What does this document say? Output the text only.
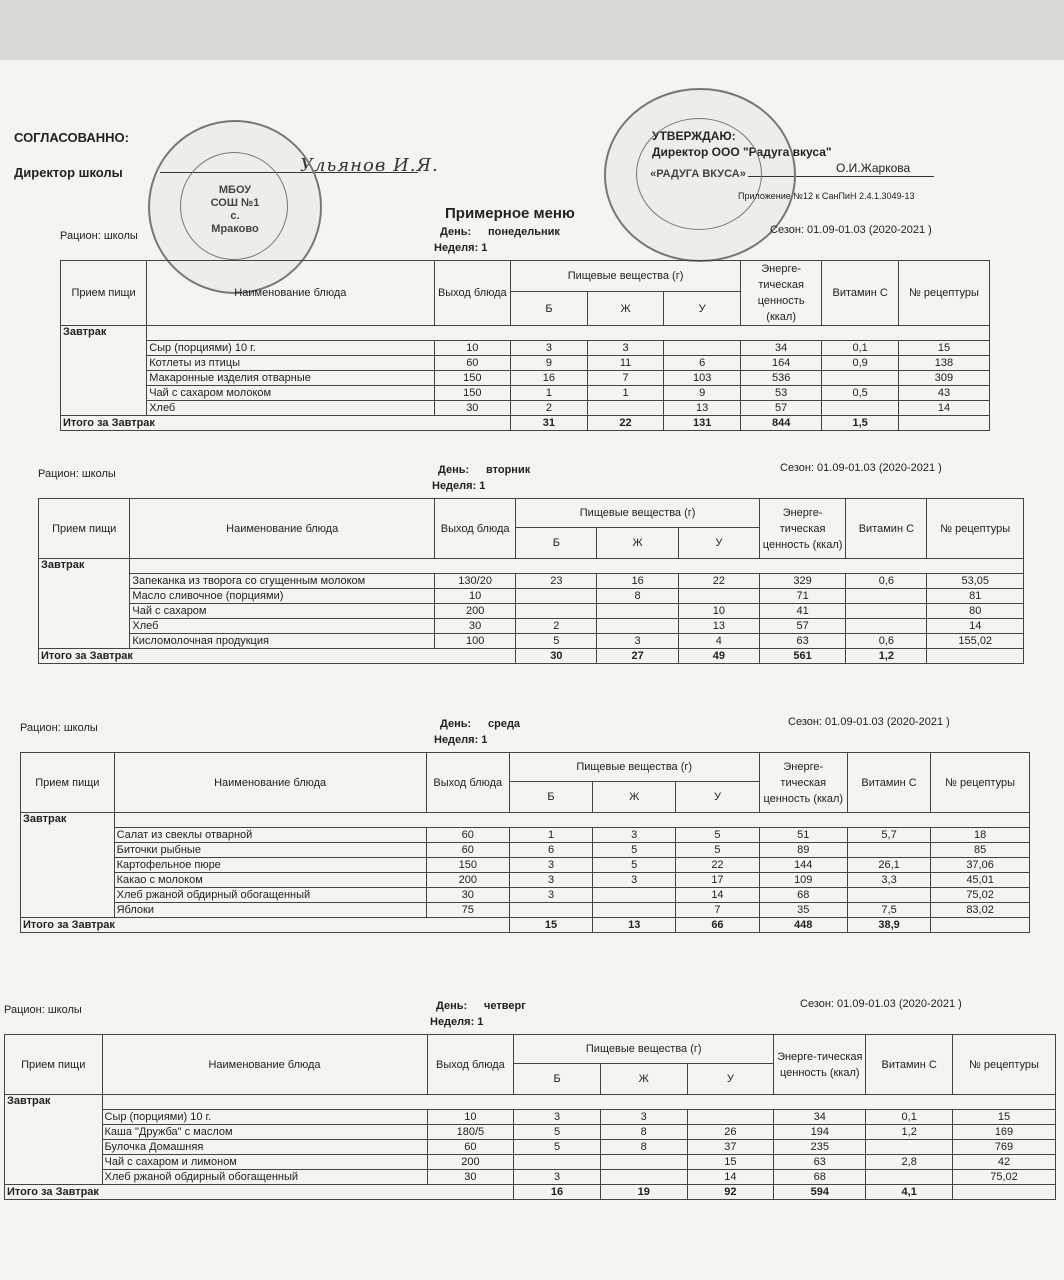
СОГЛАСОВАННО:
Директор школы	Ульянов И.Я.
МБОУ СОШ №1 с. Мраково
УТВЕРЖДАЮ:
Директор ООО "Радуга вкуса"
О.И.Жаркова
«РАДУГА ВКУСА»
Приложение №12 к СанПиН 2.4.1.3049-13
Примерное меню
Рацион: школы	День: понедельник
Неделя: 1
Сезон: 01.09-01.03 (2020-2021 )
Прием пищи	Наименование блюда	Выход блюда	Пищевые вещества (г)			Энерге-тическая ценность (ккал)	Витамин С	№ рецептуры
			Б	Ж	У			
Завтрак								
	Сыр (порциями) 10 г.	10	3	3		34	0,1	15
	Котлеты из птицы	60	9	11	6	164	0,9	138
	Макаронные изделия отварные	150	16	7	103	536		309
	Чай с сахаром молоком	150	1	1	9	53	0,5	43
	Хлеб	30	2		13	57		14
Итого за Завтрак			31	22	131	844	1,5	
Рацион: школы	День: вторник
Неделя: 1
Сезон: 01.09-01.03 (2020-2021 )
Прием пищи	Наименование блюда	Выход блюда	Пищевые вещества (г)			Энерге-тическая ценность (ккал)	Витамин С	№ рецептуры
			Б	Ж	У			
Завтрак								
	Запеканка из творога со сгущенным молоком	130/20	23	16	22	329	0,6	53,05
	Масло сливочное (порциями)	10		8		71		81
	Чай с сахаром	200			10	41		80
	Хлеб	30	2		13	57		14
	Кисломолочная продукция	100	5	3	4	63	0,6	155,02
Итого за Завтрак			30	27	49	561	1,2	
Рацион: школы	День: среда
Неделя: 1
Сезон: 01.09-01.03 (2020-2021 )
Прием пищи	Наименование блюда	Выход блюда	Пищевые вещества (г)			Энерге-тическая ценность (ккал)	Витамин С	№ рецептуры
			Б	Ж	У			
Завтрак								
	Салат из свеклы отварной	60	1	3	5	51	5,7	18
	Биточки рыбные	60	6	5	5	89		85
	Картофельное пюре	150	3	5	22	144	26,1	37,06
	Какао с молоком	200	3	3	17	109	3,3	45,01
	Хлеб ржаной обдирный обогащенный	30	3		14	68		75,02
	Яблоки	75			7	35	7,5	83,02
Итого за Завтрак			15	13	66	448	38,9	
Рацион: школы	День: четверг
Неделя: 1
Сезон: 01.09-01.03 (2020-2021 )
Прием пищи	Наименование блюда	Выход блюда	Пищевые вещества (г)			Энерге-тическая ценность (ккал)	Витамин С	№ рецептуры
			Б	Ж	У			
Завтрак								
	Сыр (порциями) 10 г.	10	3	3		34	0,1	15
	Каша "Дружба" с маслом	180/5	5	8	26	194	1,2	169
	Булочка Домашняя	60	5	8	37	235		769
	Чай с сахаром и лимоном	200			15	63	2,8	42
	Хлеб ржаной обдирный обогащенный	30	3		14	68		75,02
Итого за Завтрак			16	19	92	594	4,1	
